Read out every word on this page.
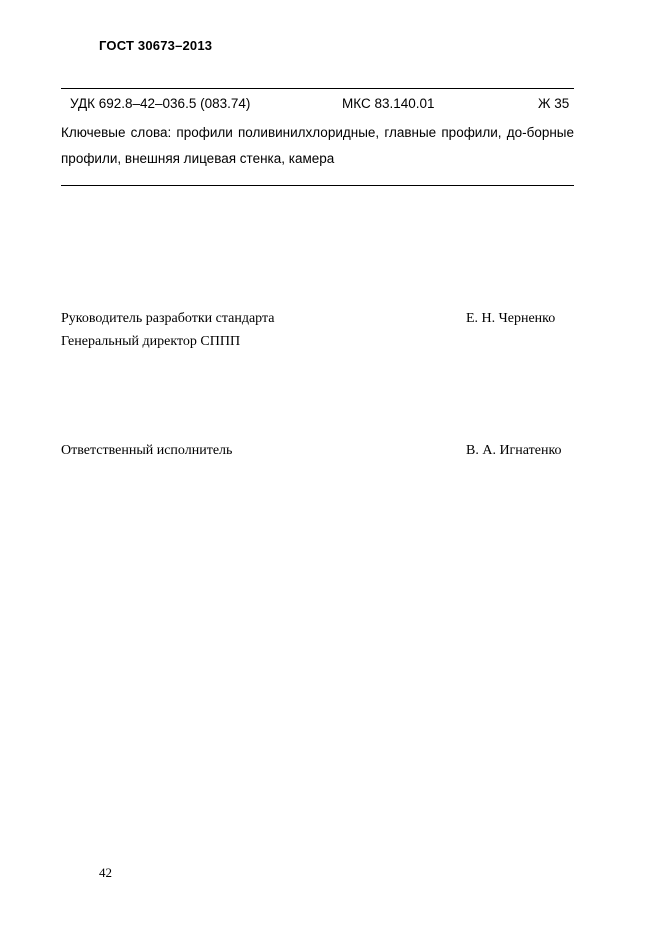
ГОСТ 30673–2013
УДК 692.8–42–036.5 (083.74)	МКС 83.140.01	Ж 35
Ключевые слова: профили поливинилхлоридные, главные профили, до-борные профили, внешняя лицевая стенка, камера
Руководитель разработки стандарта	Е. Н. Черненко
Генеральный директор СППП
Ответственный исполнитель	В. А. Игнатенко
42
